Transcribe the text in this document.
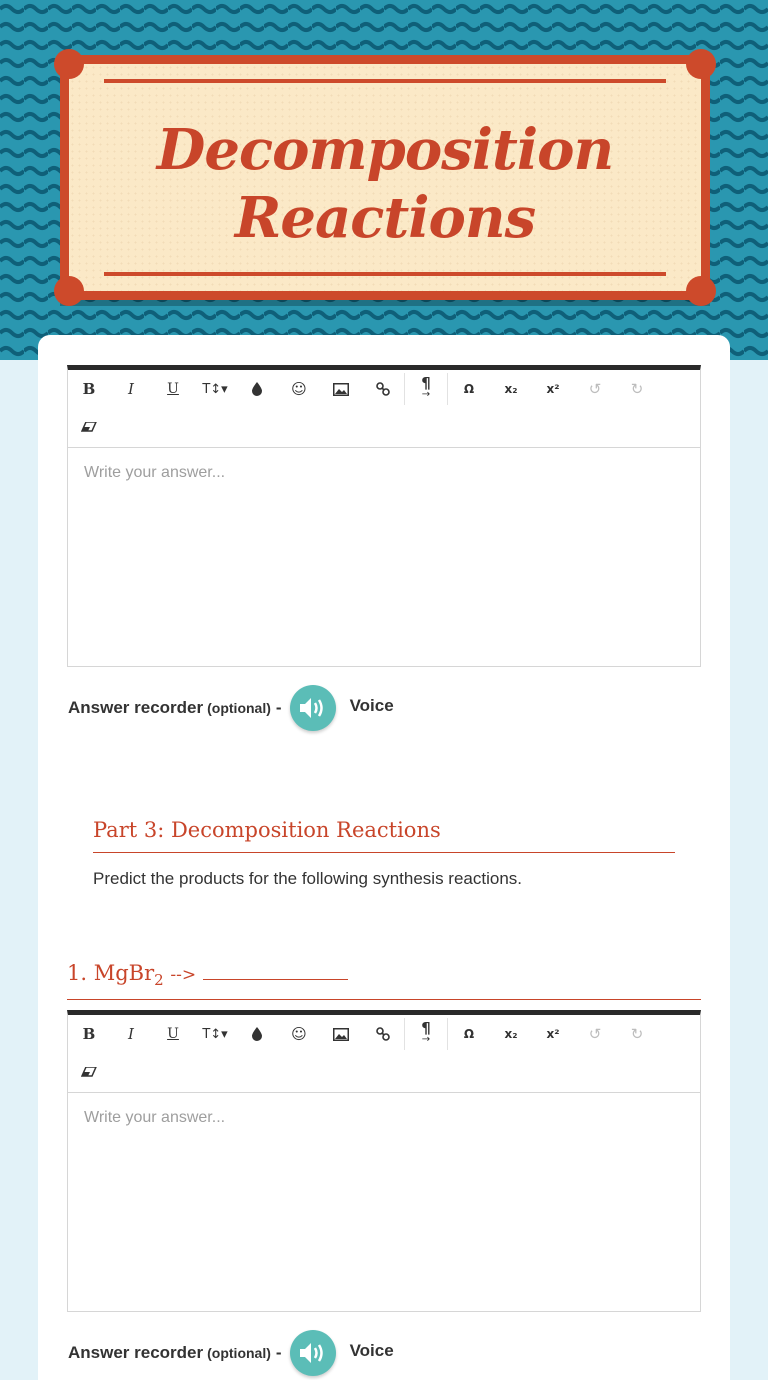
Decomposition
Reactions
B	I	U	T↕▾	☺	¶
→	Ω	x₂	x²	↺	↻
Write your answer...
Answer recorder (optional) -	Voice
Part 3: Decomposition Reactions
Predict the products for the following synthesis reactions.
1. MgBr$_2$ -->
B	I	U	T↕▾	☺	¶
→	Ω	x₂	x²	↺	↻
Write your answer...
Answer recorder (optional) -	Voice
